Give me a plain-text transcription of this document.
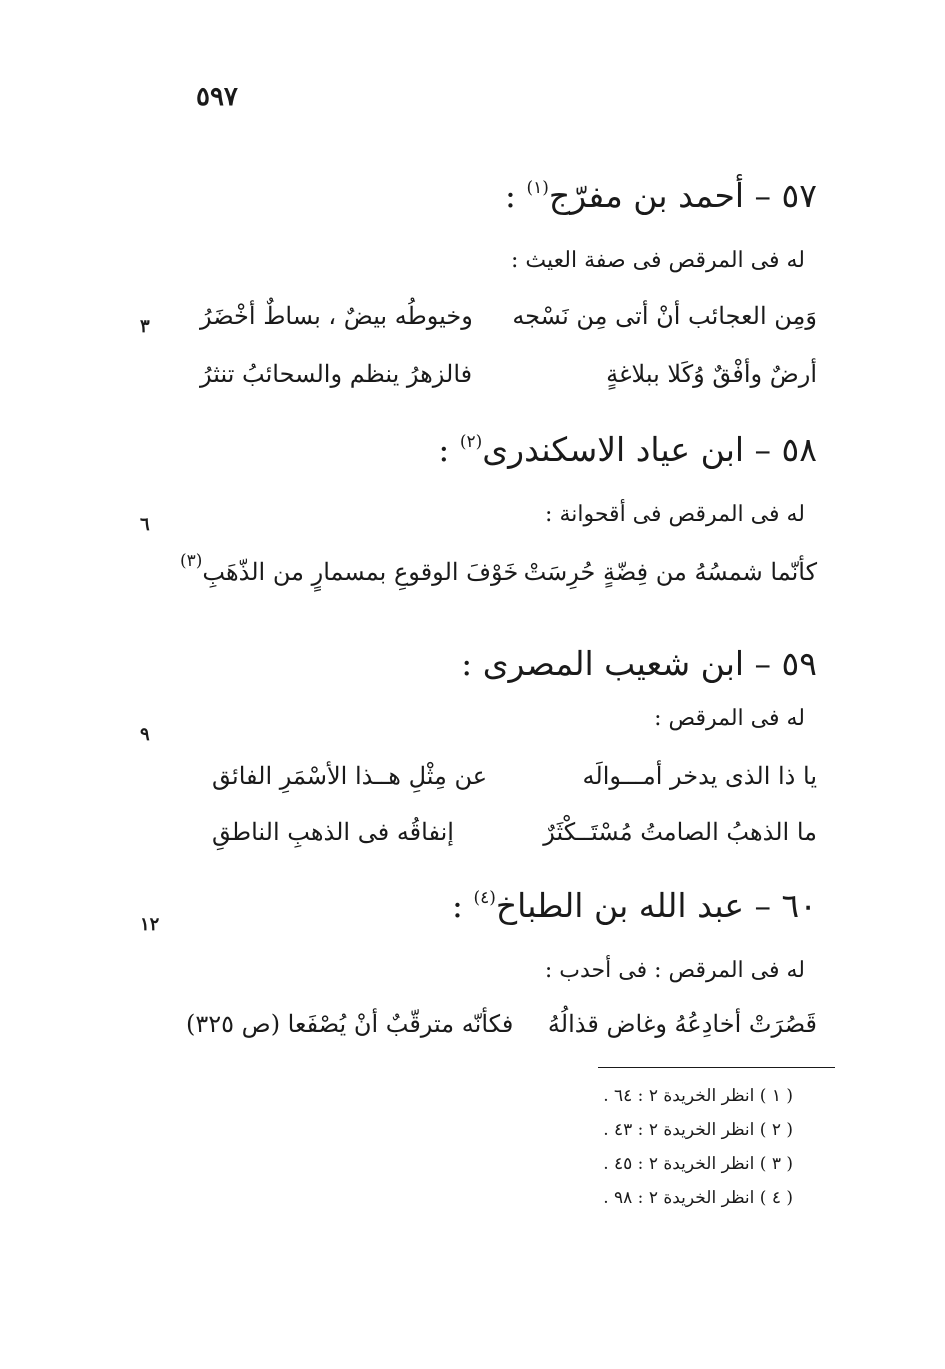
٥٩٧
٥٧ – أحمد بن مفرّج$^{(١)}$ :
له فى المرقص فى صفة العيث :
وَمِن العجائب أنْ أتى مِن نَسْجه
وخيوطُه بيضٌ ، بساطٌ أخْضَرُ
٣
أرضٌ وأفْقٌ وُكَلا ببلاغةٍ
فالزهرُ ينظم والسحائبُ تنثرُ
٥٨ – ابن عياد الاسكندرى$^{(٢)}$ :
له فى المرقص فى أقحوانة :
٦
كأنّما شمسُهُ من فِضّةٍ حُرِسَتْ
خَوْفَ الوقوعِ بمسمارٍ من الذّهَبِ$^{(٣)}$
٥٩ – ابن شعيب المصرى :
له فى المرقص :
٩
يا ذا الذى يدخر أمـــوالَه
عن مِثْلِ هــذا الأسْمَرِ الفائق
ما الذهبُ الصامتُ مُسْتَــكْثَرٌ
إنفاقُه فى الذهبِ الناطقِ
٦٠ – عبد الله بن الطباخ$^{(٤)}$ :
١٢
له فى المرقص : فى أحدب :
قَصُرَتْ أخادِعُهُ وغاض قذالُهُ
فكأنّه مترقّبٌ أنْ يُصْفَعا (ص ٣٢٥)
( ١ ) انظر الخريدة ٢ : ٦٤ .
( ٢ ) انظر الخريدة ٢ : ٤٣ .
( ٣ ) انظر الخريدة ٢ : ٤٥ .
( ٤ ) انظر الخريدة ٢ : ٩٨ .
